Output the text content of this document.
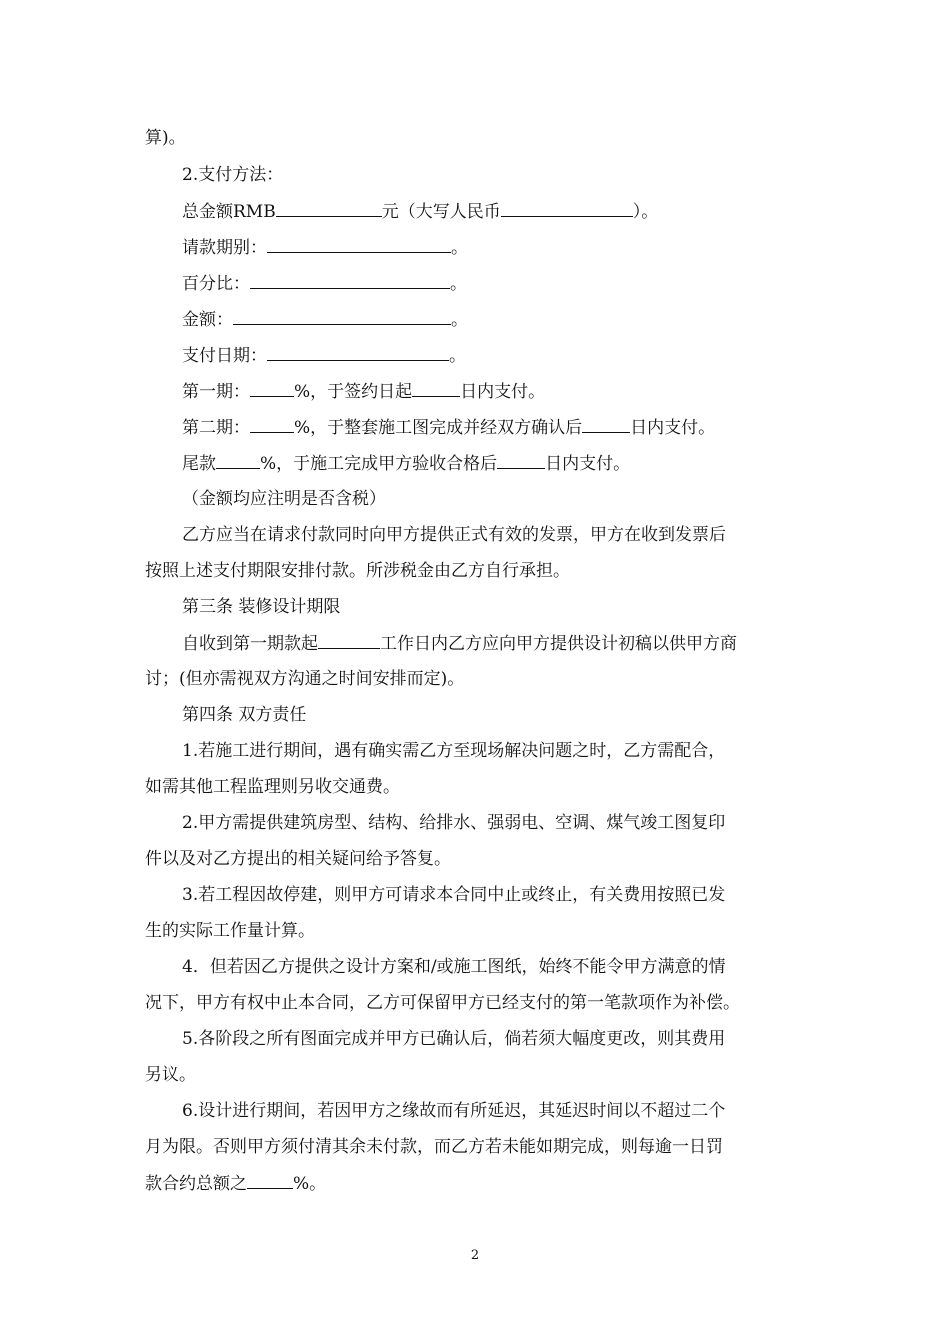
算)。
2.支付方法：
总金额RMB	元（大写人民币	）。
请款期别：	。
百分比：	。
金额：	。
支付日期：	。
第一期：	%，于签约日起	日内支付。
第二期：	%，于整套施工图完成并经双方确认后	日内支付。
尾款	%，于施工完成甲方验收合格后	日内支付。
（金额均应注明是否含税）
乙方应当在请求付款同时向甲方提供正式有效的发票，甲方在收到发票后
按照上述支付期限安排付款。所涉税金由乙方自行承担。
第三条 装修设计期限
自收到第一期款起	工作日内乙方应向甲方提供设计初稿以供甲方商
讨；(但亦需视双方沟通之时间安排而定)。
第四条 双方责任
1.若施工进行期间，遇有确实需乙方至现场解决问题之时，乙方需配合，
如需其他工程监理则另收交通费。
2.甲方需提供建筑房型、结构、给排水、强弱电、空调、煤气竣工图复印
件以及对乙方提出的相关疑问给予答复。
3.若工程因故停建，则甲方可请求本合同中止或终止，有关费用按照已发
生的实际工作量计算。
4．但若因乙方提供之设计方案和/或施工图纸，始终不能令甲方满意的情
况下，甲方有权中止本合同，乙方可保留甲方已经支付的第一笔款项作为补偿。
5.各阶段之所有图面完成并甲方已确认后，倘若须大幅度更改，则其费用
另议。
6.设计进行期间，若因甲方之缘故而有所延迟，其延迟时间以不超过二个
月为限。否则甲方须付清其余未付款，而乙方若未能如期完成，则每逾一日罚
款合约总额之	%。
2
